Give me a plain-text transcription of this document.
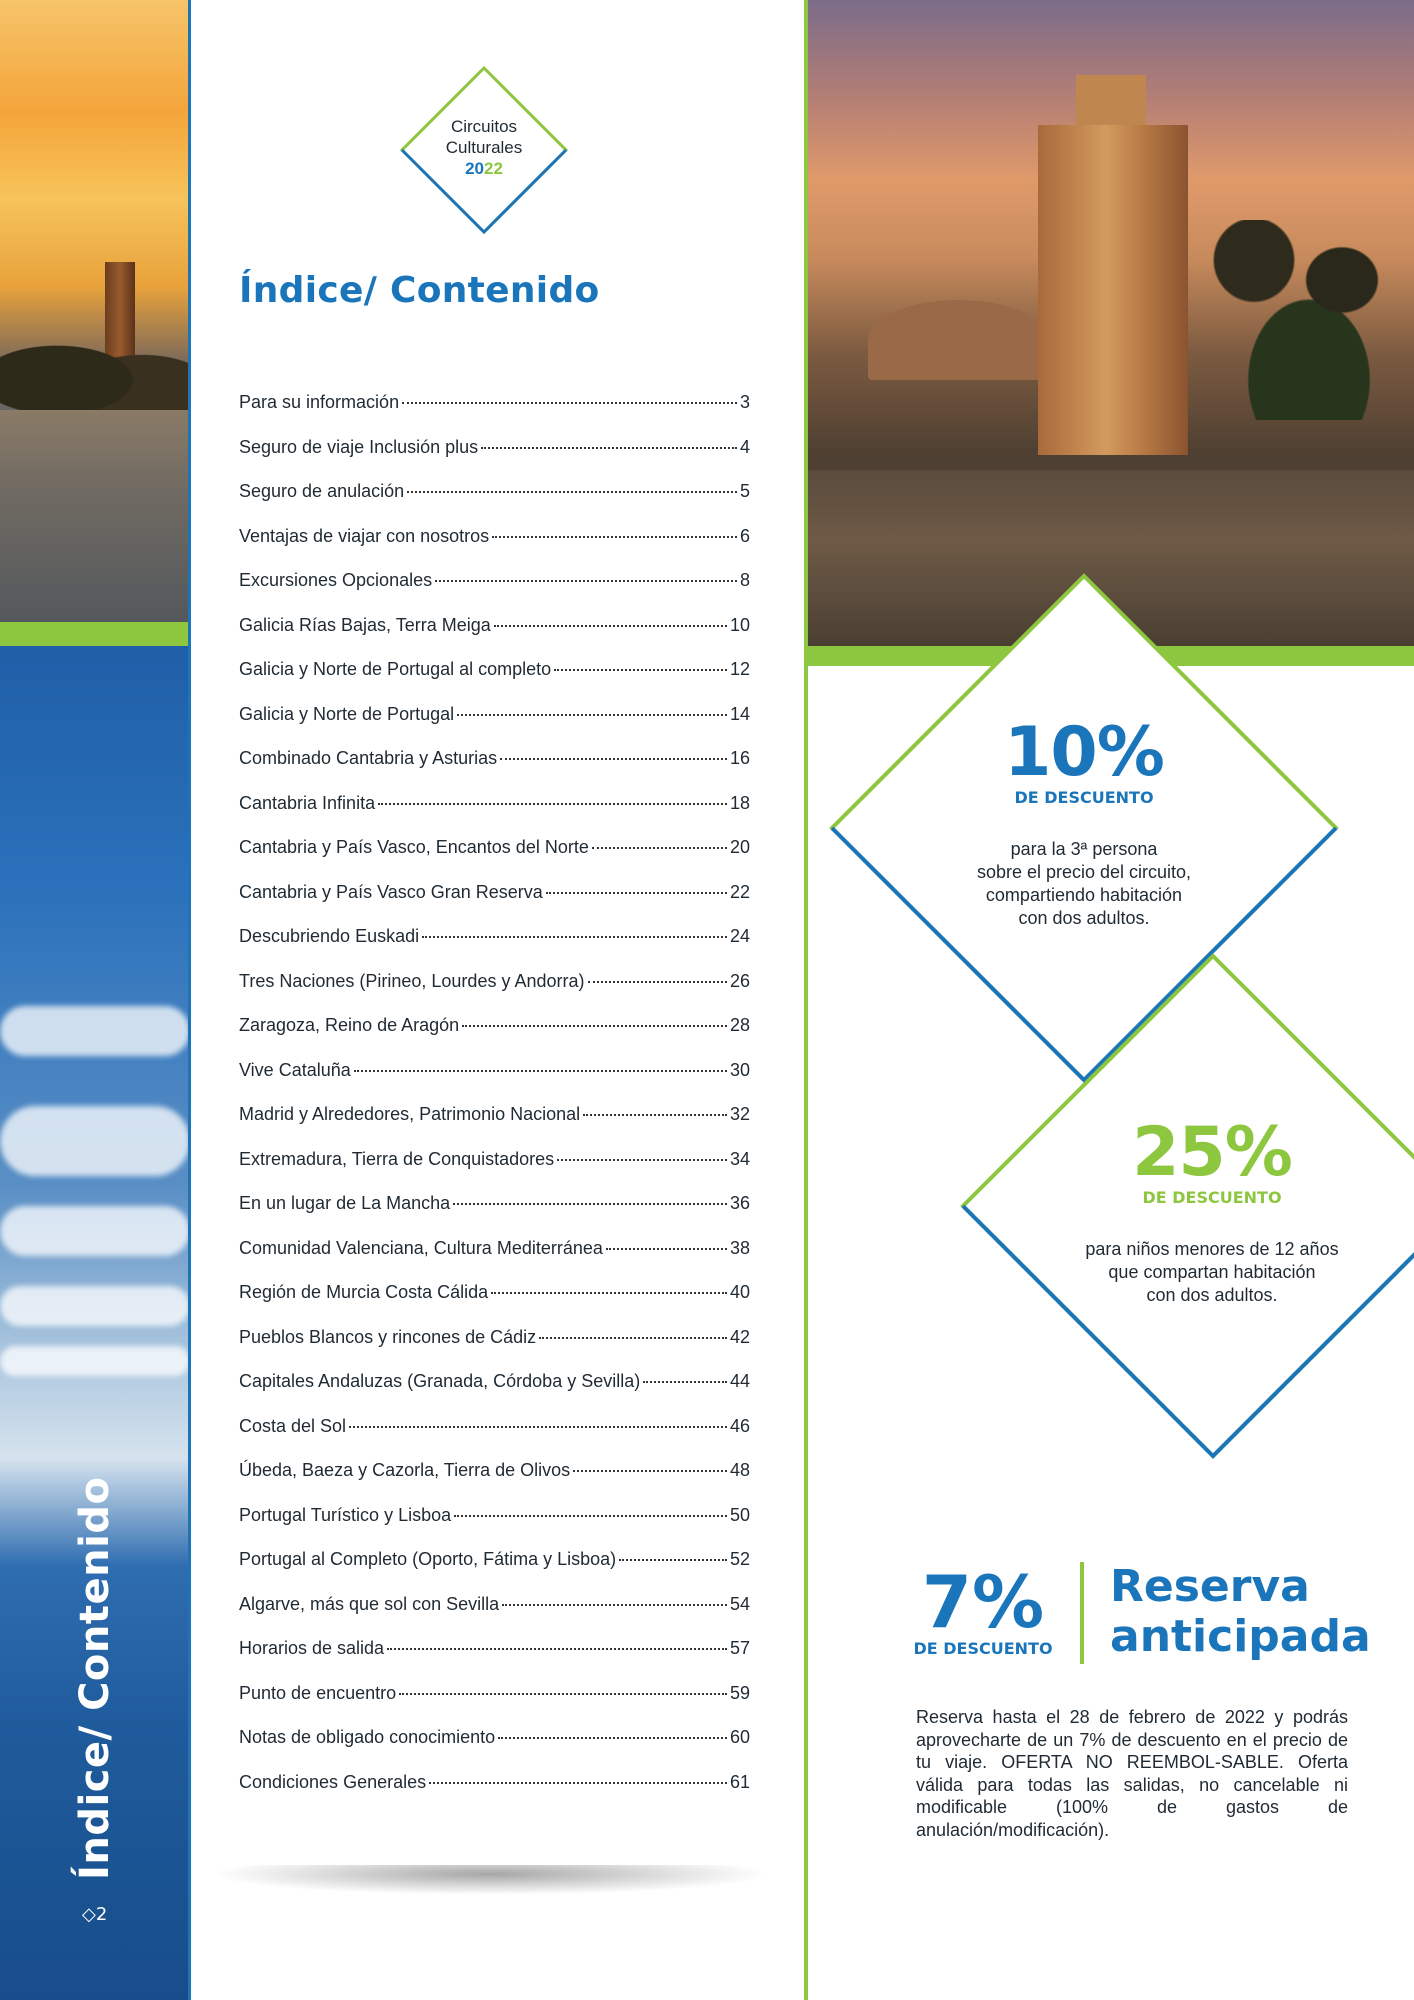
Índice/ Contenido
◇2
Circuitos
Culturales
2022
Índice/ Contenido
Para su información	3
Seguro de viaje Inclusión plus	4
Seguro de anulación	5
Ventajas de viajar con nosotros	6
Excursiones Opcionales	8
Galicia Rías Bajas, Terra Meiga	10
Galicia y Norte de Portugal al completo	12
Galicia y Norte de Portugal	14
Combinado Cantabria y Asturias	16
Cantabria Infinita	18
Cantabria y País Vasco, Encantos del Norte	20
Cantabria y País Vasco Gran Reserva	22
Descubriendo Euskadi	24
Tres Naciones (Pirineo, Lourdes y Andorra)	26
Zaragoza, Reino de Aragón	28
Vive Cataluña	30
Madrid y Alrededores, Patrimonio Nacional	32
Extremadura, Tierra de Conquistadores	34
En un lugar de La Mancha	36
Comunidad Valenciana, Cultura Mediterránea	38
Región de Murcia Costa Cálida	40
Pueblos Blancos y rincones de Cádiz	42
Capitales Andaluzas (Granada, Córdoba y Sevilla)	44
Costa del Sol	46
Úbeda, Baeza y Cazorla, Tierra de Olivos	48
Portugal Turístico y Lisboa	50
Portugal al Completo (Oporto, Fátima y Lisboa)	52
Algarve, más que sol con Sevilla	54
Horarios de salida	57
Punto de encuentro	59
Notas de obligado conocimiento	60
Condiciones Generales	61
10%
DE DESCUENTO
para la 3ª persona
sobre el precio del circuito,
compartiendo habitación
con dos adultos.
25%
DE DESCUENTO
para niños menores de 12 años
que compartan habitación
con dos adultos.
7%
DE DESCUENTO
Reserva
anticipada
Reserva hasta el 28 de febrero de 2022 y podrás aprovecharte de un 7% de descuento en el precio de tu viaje. OFERTA NO REEMBOL-SABLE. Oferta válida para todas las salidas, no cancelable ni modificable (100% de gastos de anulación/modificación).
